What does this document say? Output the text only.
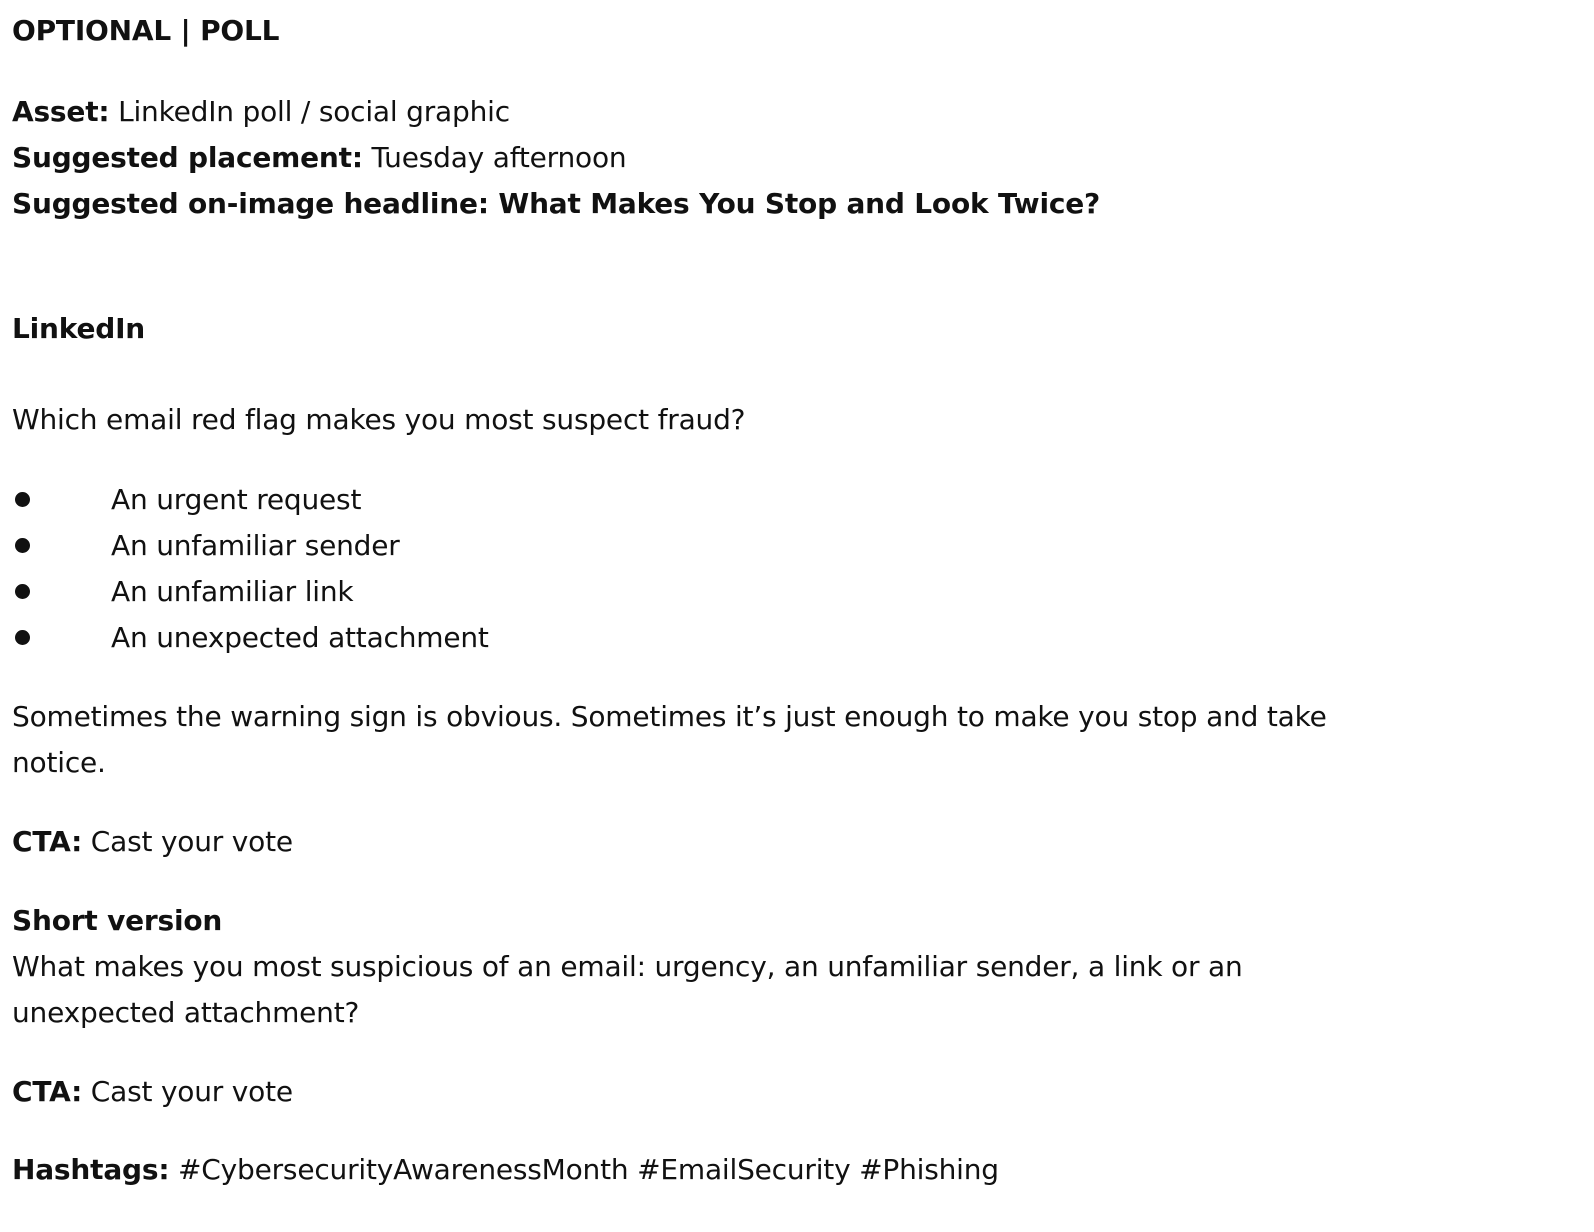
OPTIONAL | POLL
Asset: LinkedIn poll / social graphic
Suggested placement: Tuesday afternoon
Suggested on-image headline: What Makes You Stop and Look Twice?
LinkedIn
Which email red flag makes you most suspect fraud?
An urgent request
An unfamiliar sender
An unfamiliar link
An unexpected attachment
Sometimes the warning sign is obvious. Sometimes it’s just enough to make you stop and take
notice.
CTA: Cast your vote
Short version
What makes you most suspicious of an email: urgency, an unfamiliar sender, a link or an
unexpected attachment?
CTA: Cast your vote
Hashtags: #CybersecurityAwarenessMonth #EmailSecurity #Phishing
